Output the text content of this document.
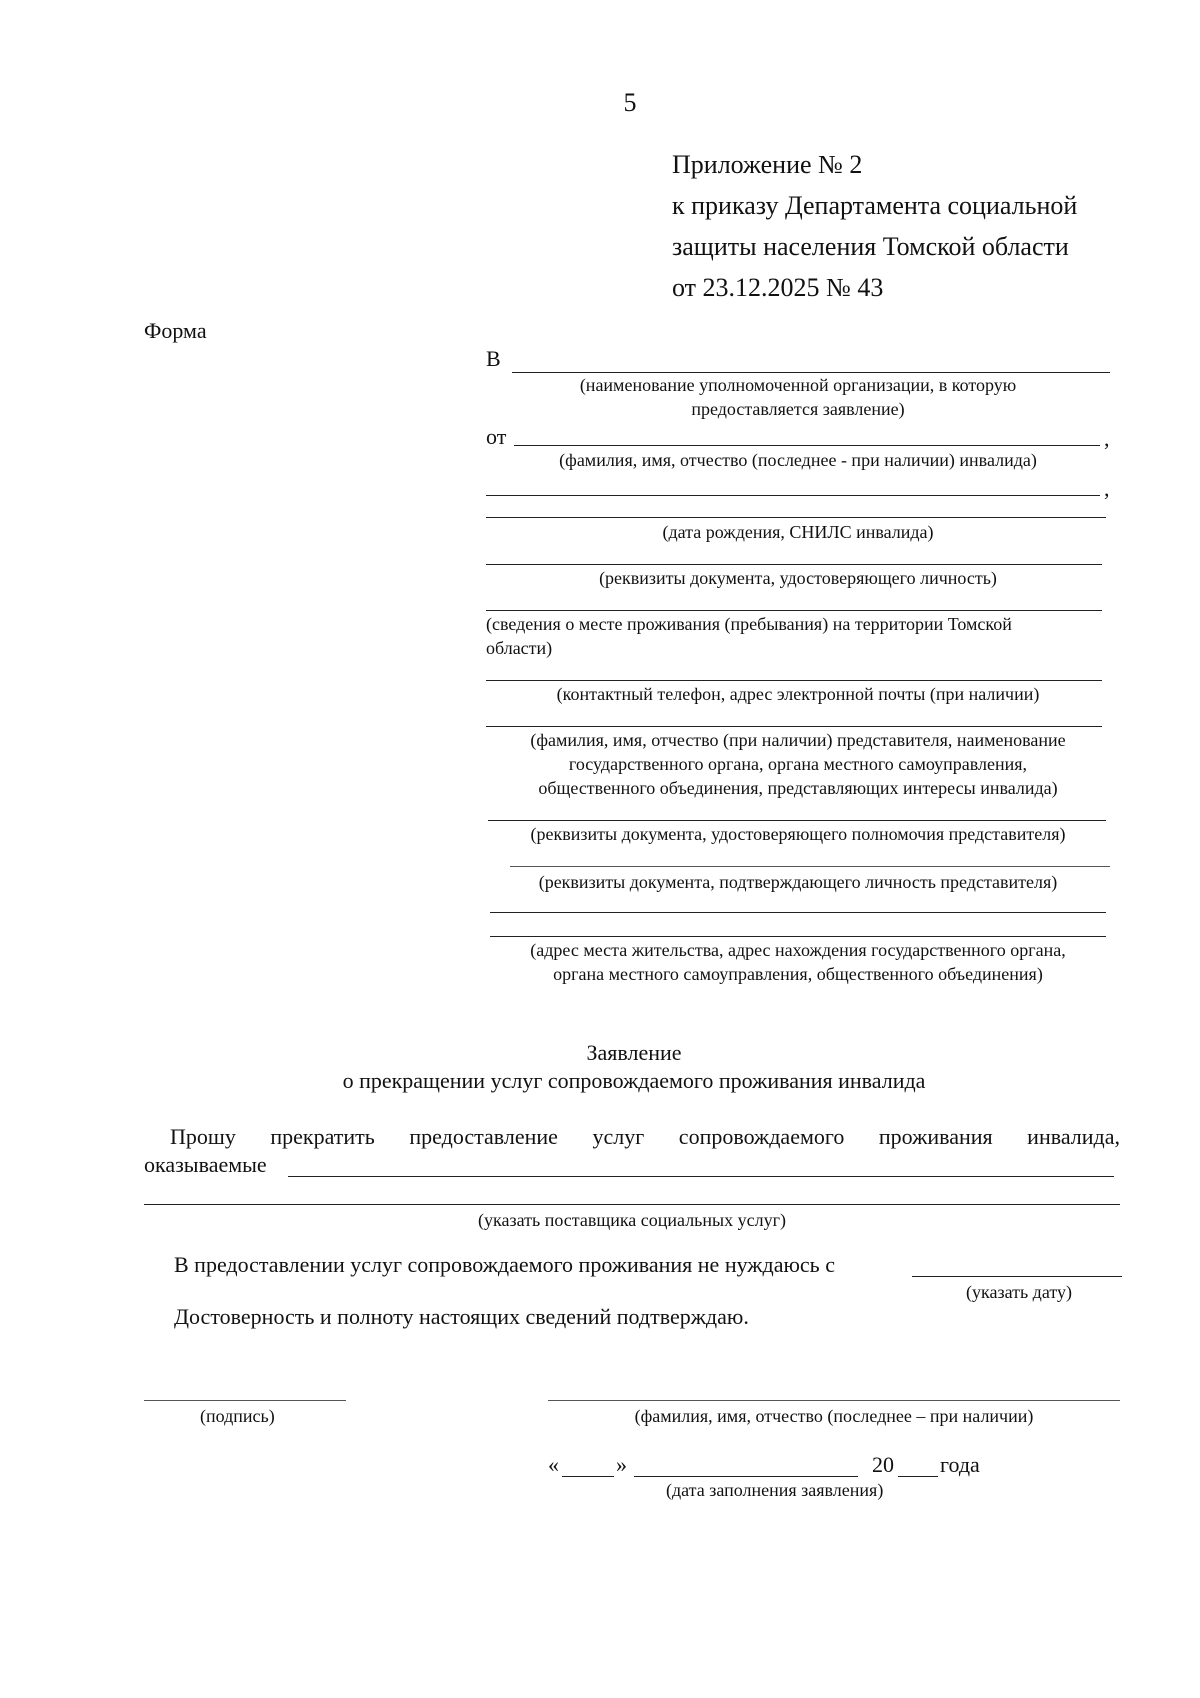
5
Приложение № 2
к приказу Департамента социальной
защиты населения Томской области
от 23.12.2025 № 43
Форма
В
(наименование уполномоченной организации, в которую
предоставляется заявление)
от	,
(фамилия, имя, отчество (последнее - при наличии) инвалида)
,
(дата рождения, СНИЛС инвалида)
(реквизиты документа, удостоверяющего личность)
(сведения о месте проживания (пребывания) на территории Томской
области)
(контактный телефон, адрес электронной почты (при наличии)
(фамилия, имя, отчество (при наличии) представителя, наименование
государственного органа, органа местного самоуправления,
общественного объединения, представляющих интересы инвалида)
(реквизиты документа, удостоверяющего полномочия представителя)
(реквизиты документа, подтверждающего личность представителя)
(адрес места жительства, адрес нахождения государственного органа,
органа местного самоуправления, общественного объединения)
Заявление
о прекращении услуг сопровождаемого проживания инвалида
Прошу прекратить предоставление услуг сопровождаемого проживания инвалида,
оказываемые
(указать поставщика социальных услуг)
В предоставлении услуг сопровождаемого проживания не нуждаюсь с
(указать дату)
Достоверность и полноту настоящих сведений подтверждаю.
(подпись)	(фамилия, имя, отчество (последнее – при наличии)
«	»	20 года
(дата заполнения заявления)
